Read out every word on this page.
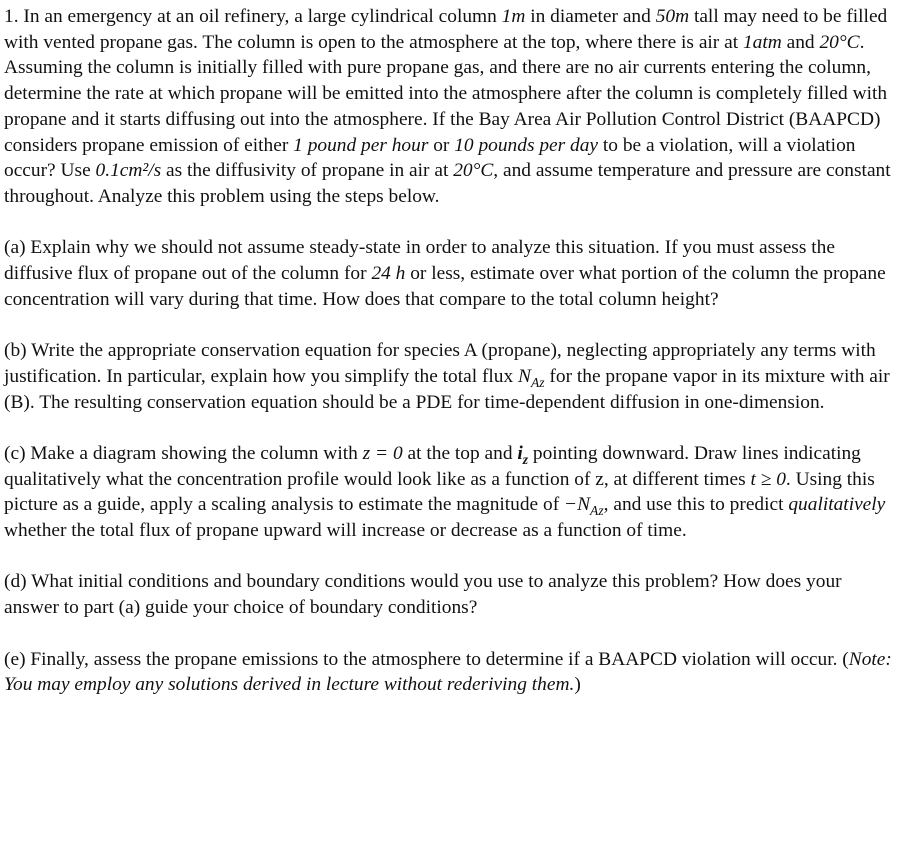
1. In an emergency at an oil refinery, a large cylindrical column 1m in diameter and 50m tall may need to be filled with vented propane gas. The column is open to the atmosphere at the top, where there is air at 1atm and 20°C. Assuming the column is initially filled with pure propane gas, and there are no air currents entering the column, determine the rate at which propane will be emitted into the atmosphere after the column is completely filled with propane and it starts diffusing out into the atmosphere. If the Bay Area Air Pollution Control District (BAAPCD) considers propane emission of either 1 pound per hour or 10 pounds per day to be a violation, will a violation occur? Use 0.1cm²/s as the diffusivity of propane in air at 20°C, and assume temperature and pressure are constant throughout. Analyze this problem using the steps below.

(a) Explain why we should not assume steady-state in order to analyze this situation. If you must assess the diffusive flux of propane out of the column for 24 h or less, estimate over what portion of the column the propane concentration will vary during that time. How does that compare to the total column height?

(b) Write the appropriate conservation equation for species A (propane), neglecting appropriately any terms with justification. In particular, explain how you simplify the total flux $N_{Az}$ for the propane vapor in its mixture with air (B). The resulting conservation equation should be a PDE for time-dependent diffusion in one-dimension.

(c) Make a diagram showing the column with z = 0 at the top and $i_z$ pointing downward. Draw lines indicating qualitatively what the concentration profile would look like as a function of z, at different times t ≥ 0. Using this picture as a guide, apply a scaling analysis to estimate the magnitude of $-N_{Az}$, and use this to predict qualitatively whether the total flux of propane upward will increase or decrease as a function of time.

(d) What initial conditions and boundary conditions would you use to analyze this problem? How does your answer to part (a) guide your choice of boundary conditions?

(e) Finally, assess the propane emissions to the atmosphere to determine if a BAAPCD violation will occur. (Note: You may employ any solutions derived in lecture without rederiving them.)
